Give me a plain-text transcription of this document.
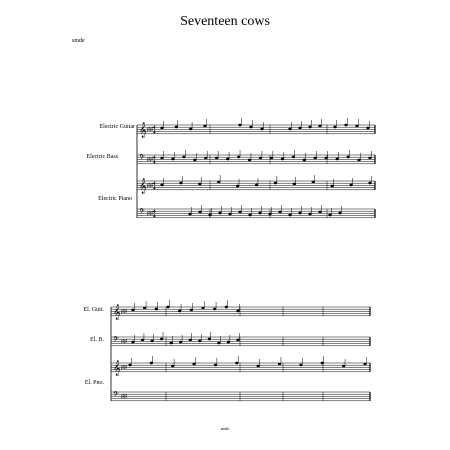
Seventeen cows
smde
Electric Guitar
Electric Bass
Electric Piano
El. Guit.
El. B.
El. Pno.
𝄞 ♯♯ 4
4
𝄢 ♯♯ 4
4
𝄞 ♯♯ 4
4
𝄢 ♯♯ 4
4
𝄞 ♯♯
𝄢 ♯♯
𝄞 ♯♯
𝄢 ♯♯
smde
